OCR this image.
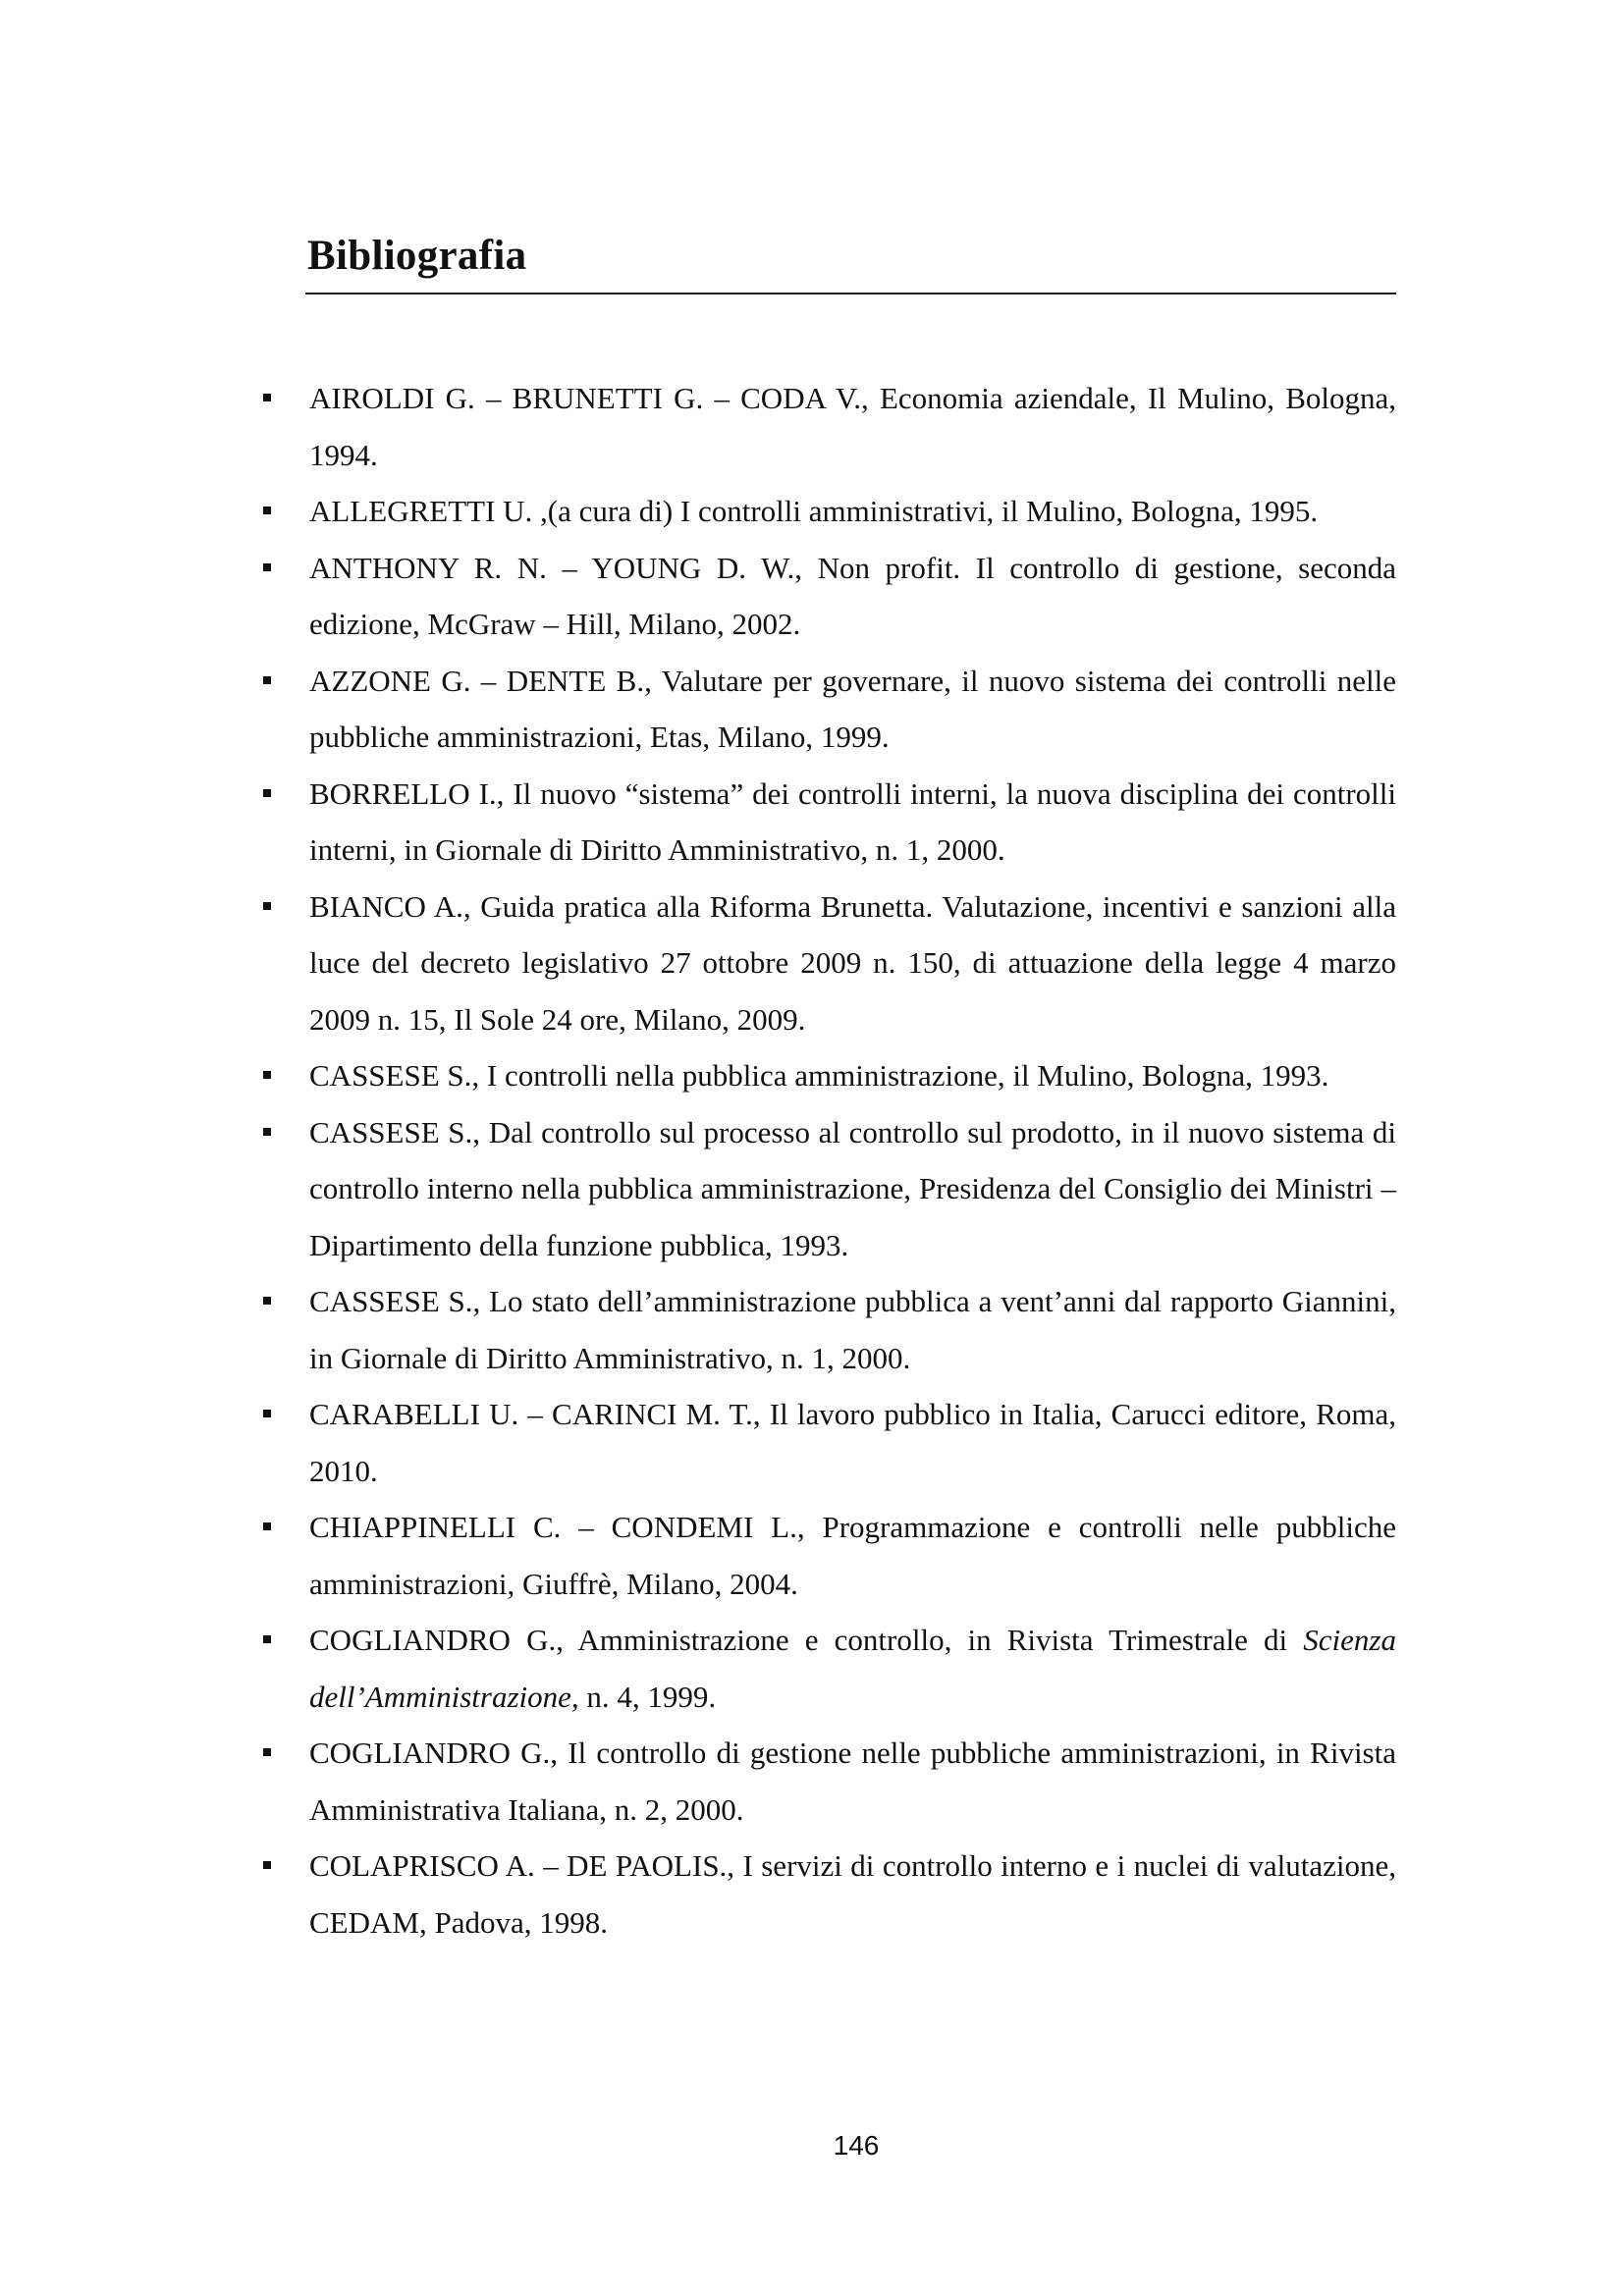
Bibliografia
AIROLDI G. – BRUNETTI G. – CODA V., Economia aziendale, Il Mulino, Bologna, 1994.
ALLEGRETTI U. ,(a cura di) I controlli amministrativi, il Mulino, Bologna, 1995.
ANTHONY R. N. – YOUNG D. W., Non profit. Il controllo di gestione, seconda edizione, McGraw – Hill, Milano, 2002.
AZZONE G. – DENTE B., Valutare per governare, il nuovo sistema dei controlli nelle pubbliche amministrazioni, Etas, Milano, 1999.
BORRELLO I., Il nuovo “sistema” dei controlli interni, la nuova disciplina dei controlli interni, in Giornale di Diritto Amministrativo, n. 1, 2000.
BIANCO A., Guida pratica alla Riforma Brunetta. Valutazione, incentivi e sanzioni alla luce del decreto legislativo 27 ottobre 2009 n. 150, di attuazione della legge 4 marzo 2009 n. 15, Il Sole 24 ore, Milano, 2009.
CASSESE S., I controlli nella pubblica amministrazione, il Mulino, Bologna, 1993.
CASSESE S., Dal controllo sul processo al controllo sul prodotto, in il nuovo sistema di controllo interno nella pubblica amministrazione, Presidenza del Consiglio dei Ministri – Dipartimento della funzione pubblica, 1993.
CASSESE S., Lo stato dell’amministrazione pubblica a vent’anni dal rapporto Giannini, in Giornale di Diritto Amministrativo, n. 1, 2000.
CARABELLI U. – CARINCI M. T., Il lavoro pubblico in Italia, Carucci editore, Roma, 2010.
CHIAPPINELLI C. – CONDEMI L., Programmazione e controlli nelle pubbliche amministrazioni, Giuffrè, Milano, 2004.
COGLIANDRO G., Amministrazione e controllo, in Rivista Trimestrale di Scienza dell’Amministrazione, n. 4, 1999.
COGLIANDRO G., Il controllo di gestione nelle pubbliche amministrazioni, in Rivista Amministrativa Italiana, n. 2, 2000.
COLAPRISCO A. – DE PAOLIS., I servizi di controllo interno e i nuclei di valutazione, CEDAM, Padova, 1998.
146
